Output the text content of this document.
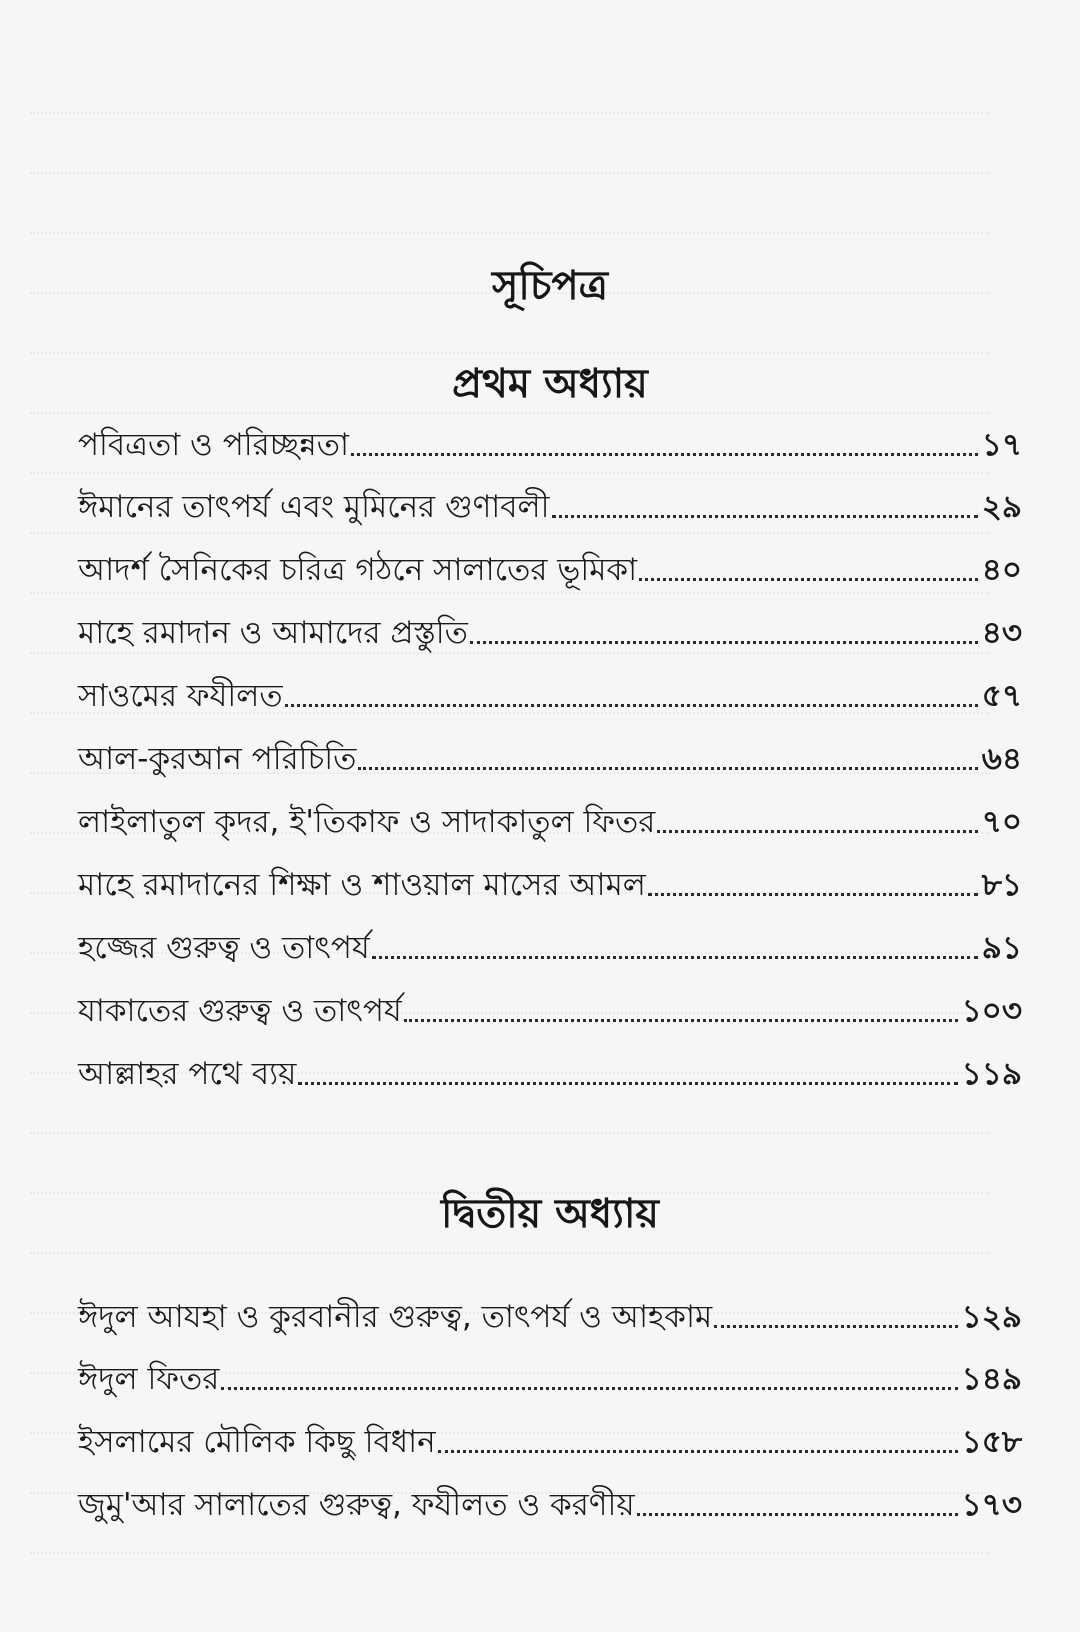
সূচিপত্র
প্রথম অধ্যায়
পবিত্রতা ও পরিচ্ছন্নতা	১৭
ঈমানের তাৎপর্য এবং মুমিনের গুণাবলী	২৯
আদর্শ সৈনিকের চরিত্র গঠনে সালাতের ভূমিকা	৪০
মাহে রমাদান ও আমাদের প্রস্তুতি	৪৩
সাওমের ফযীলত	৫৭
আল-কুরআন পরিচিতি	৬৪
লাইলাতুল কৃদর, ই'তিকাফ ও সাদাকাতুল ফিতর	৭০
মাহে রমাদানের শিক্ষা ও শাওয়াল মাসের আমল	৮১
হজ্জের গুরুত্ব ও তাৎপর্য	৯১
যাকাতের গুরুত্ব ও তাৎপর্য	১০৩
আল্লাহর পথে ব্যয়	১১৯
দ্বিতীয় অধ্যায়
ঈদুল আযহা ও কুরবানীর গুরুত্ব, তাৎপর্য ও আহকাম	১২৯
ঈদুল ফিতর	১৪৯
ইসলামের মৌলিক কিছু বিধান	১৫৮
জুমু'আর সালাতের গুরুত্ব, ফযীলত ও করণীয়	১৭৩
